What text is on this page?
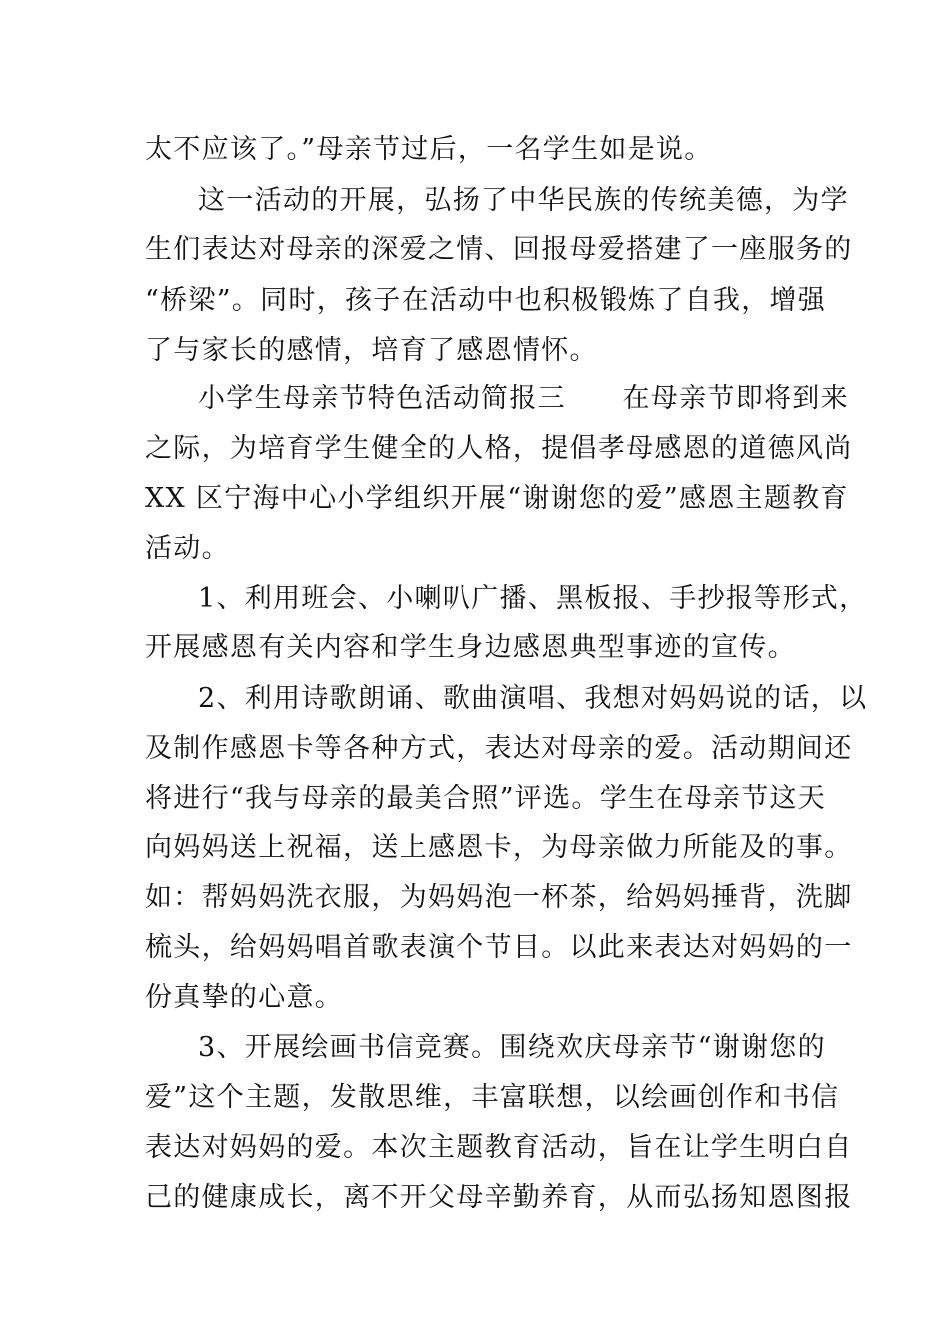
太不应该了。”母亲节过后，一名学生如是说。

这一活动的开展，弘扬了中华民族的传统美德，为学

生们表达对母亲的深爱之情、回报母爱搭建了一座服务的

“桥梁”。同时，孩子在活动中也积极锻炼了自我，增强

了与家长的感情，培育了感恩情怀。

小学生母亲节特色活动简报三　　在母亲节即将到来

之际，为培育学生健全的人格，提倡孝母感恩的道德风尚

XX 区宁海中心小学组织开展“谢谢您的爱”感恩主题教育

活动。

1、利用班会、小喇叭广播、黑板报、手抄报等形式，

开展感恩有关内容和学生身边感恩典型事迹的宣传。

2、利用诗歌朗诵、歌曲演唱、我想对妈妈说的话，以

及制作感恩卡等各种方式，表达对母亲的爱。活动期间还

将进行“我与母亲的最美合照”评选。学生在母亲节这天

向妈妈送上祝福，送上感恩卡，为母亲做力所能及的事。

如：帮妈妈洗衣服，为妈妈泡一杯茶，给妈妈捶背，洗脚

梳头，给妈妈唱首歌表演个节目。以此来表达对妈妈的一

份真挚的心意。

3、开展绘画书信竞赛。围绕欢庆母亲节“谢谢您的

爱”这个主题，发散思维，丰富联想，以绘画创作和书信

表达对妈妈的爱。本次主题教育活动，旨在让学生明白自

己的健康成长，离不开父母辛勤养育，从而弘扬知恩图报
